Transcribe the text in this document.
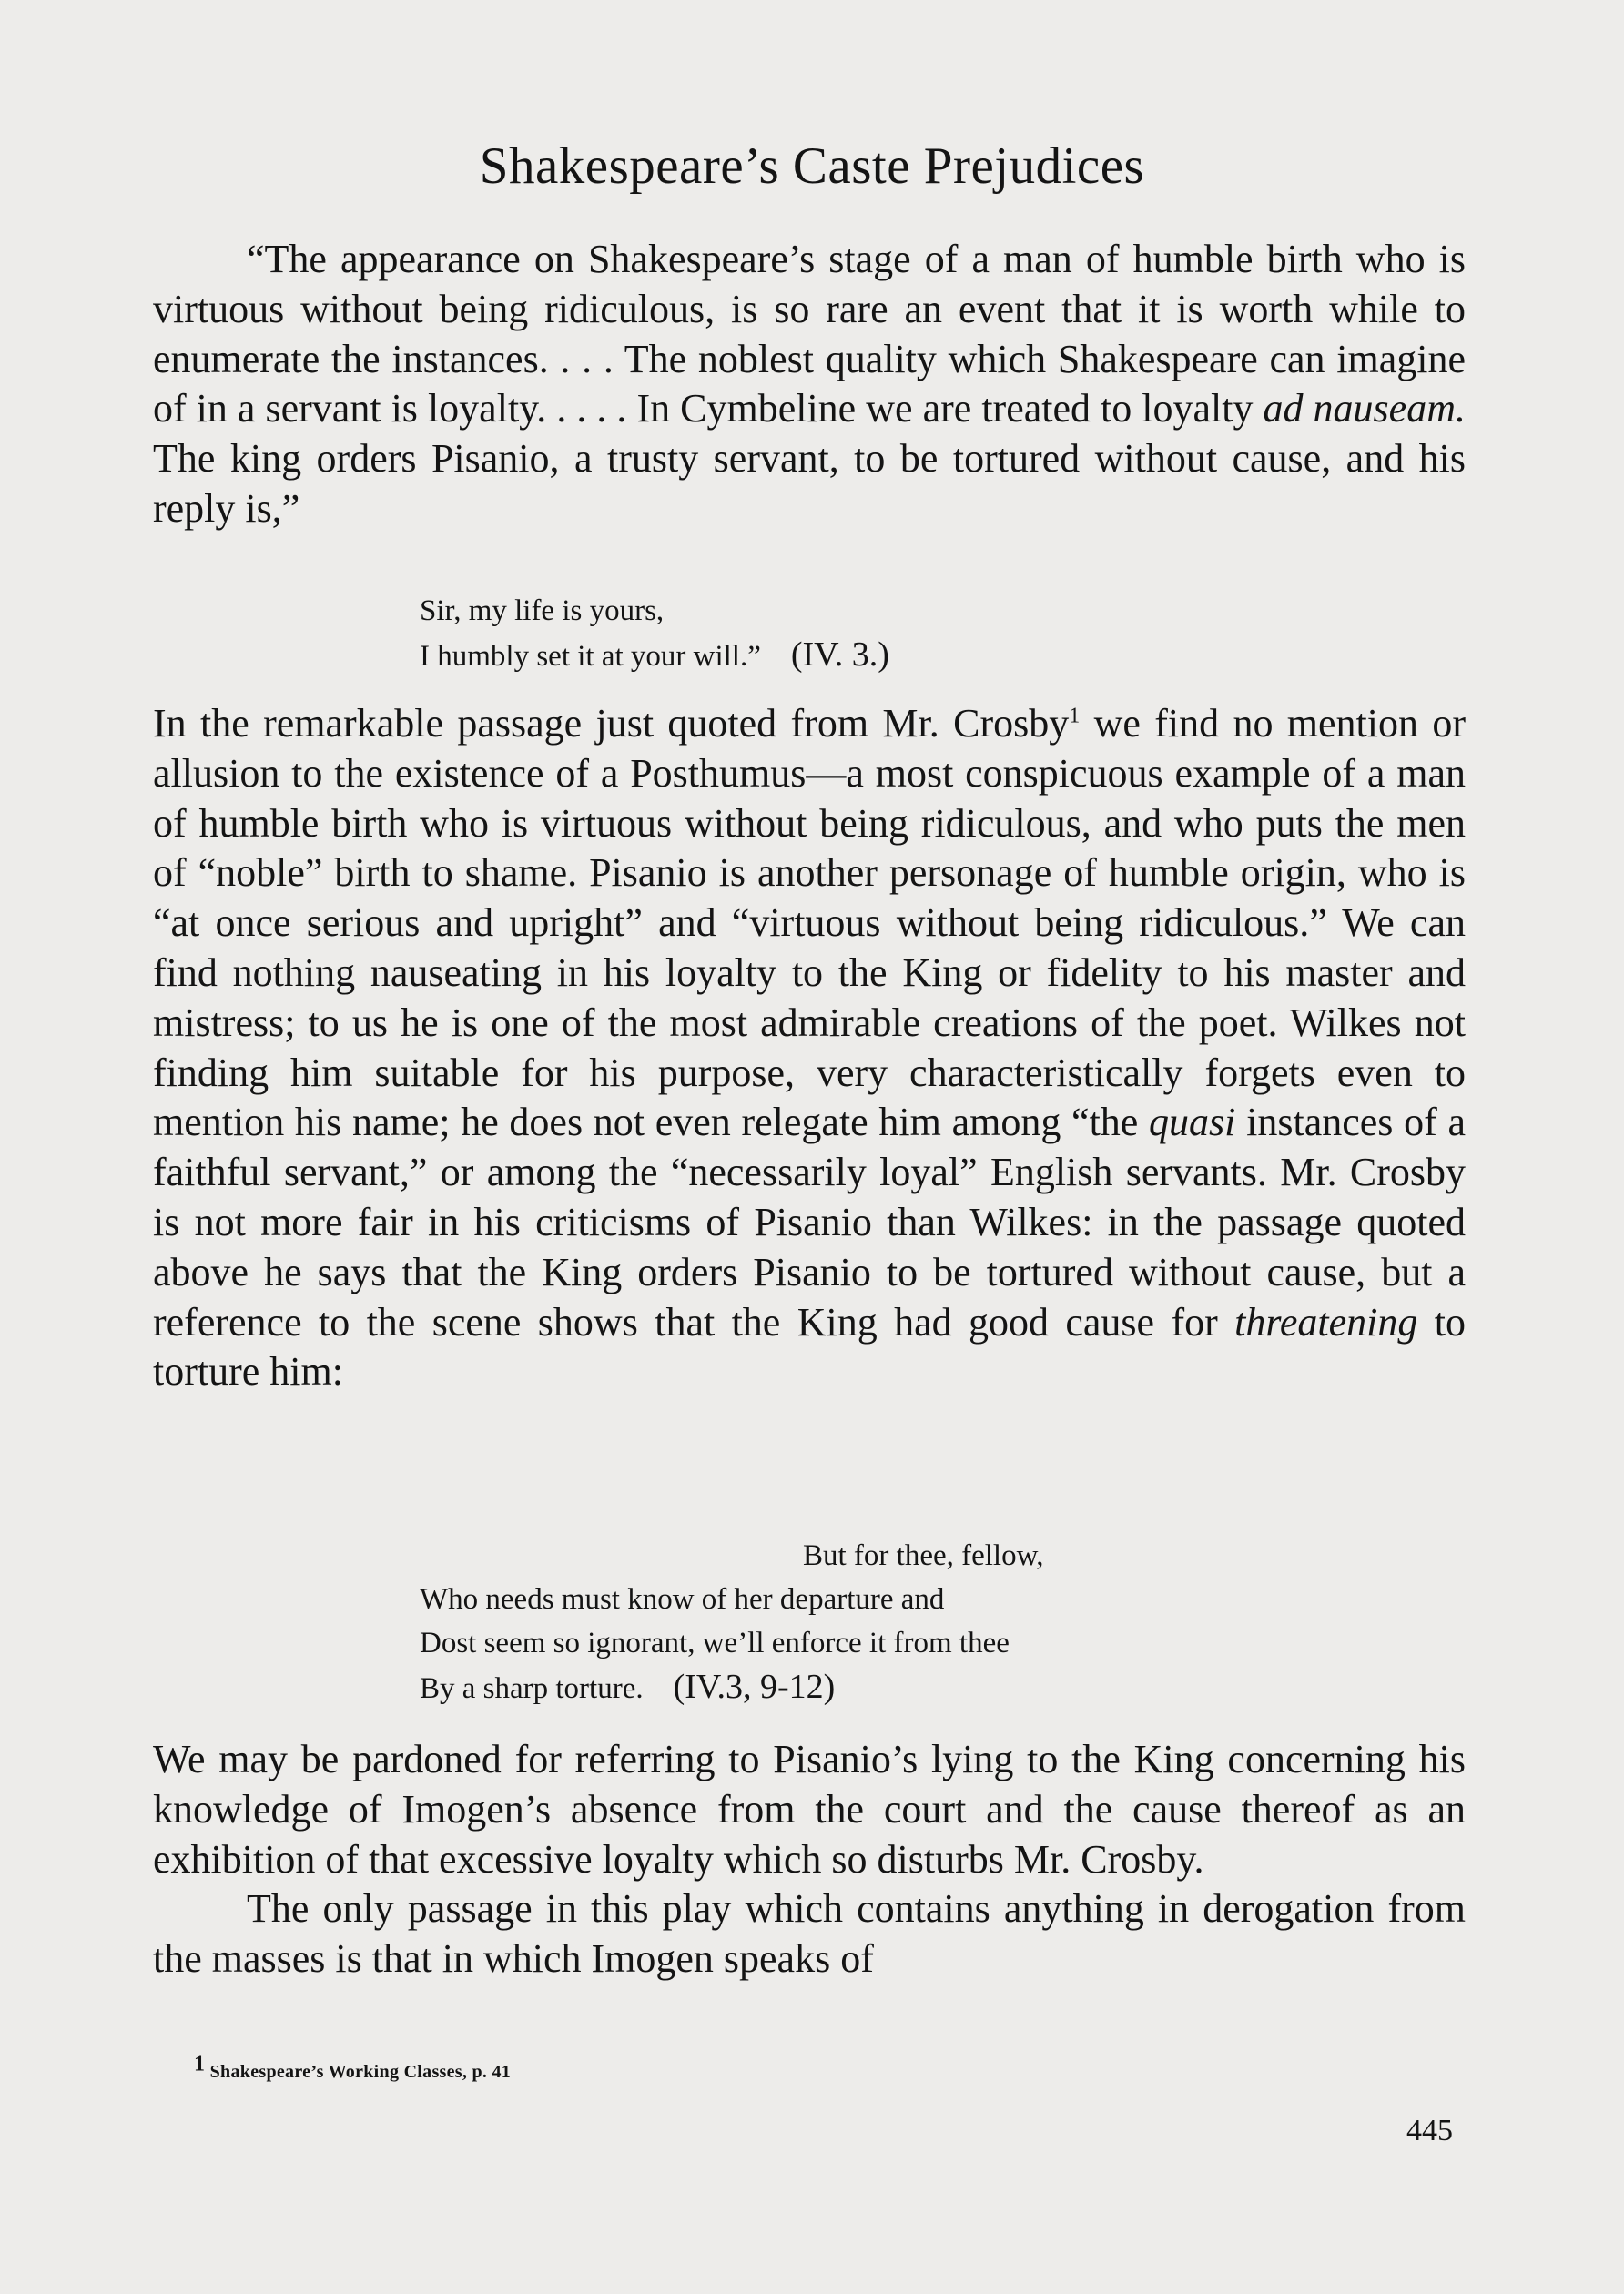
Shakespeare’s Caste Prejudices

“The appearance on Shakespeare’s stage of a man of humble birth who is virtuous without being ridiculous, is so rare an event that it is worth while to enumerate the instances. . . . The noblest quality which Shakespeare can imagine of in a servant is loyalty. . . . . In Cymbeline we are treated to loyalty ad nauseam. The king orders Pisanio, a trusty servant, to be tortured without cause, and his reply is,”

Sir, my life is yours,
I humbly set it at your will.” (IV. 3.)

In the remarkable passage just quoted from Mr. Crosby$^1$ we find no mention or allusion to the existence of a Posthumus—a most conspicuous example of a man of humble birth who is virtuous without being ridiculous, and who puts the men of “noble” birth to shame. Pisanio is another personage of humble origin, who is “at once serious and upright” and “virtuous without being ridiculous.” We can find nothing nauseating in his loyalty to the King or fidelity to his master and mistress; to us he is one of the most admirable creations of the poet. Wilkes not finding him suitable for his purpose, very characteristically forgets even to mention his name; he does not even relegate him among “the quasi instances of a faithful servant,” or among the “necessarily loyal” English servants. Mr. Crosby is not more fair in his criticisms of Pisanio than Wilkes: in the passage quoted above he says that the King orders Pisanio to be tortured without cause, but a reference to the scene shows that the King had good cause for threatening to torture him:

But for thee, fellow,
Who needs must know of her departure and
Dost seem so ignorant, we’ll enforce it from thee
By a sharp torture. (IV.3, 9-12)

We may be pardoned for referring to Pisanio’s lying to the King concerning his knowledge of Imogen’s absence from the court and the cause thereof as an exhibition of that excessive loyalty which so disturbs Mr. Crosby.

The only passage in this play which contains anything in derogation from the masses is that in which Imogen speaks of

$^1$ Shakespeare’s Working Classes, p. 41
445
